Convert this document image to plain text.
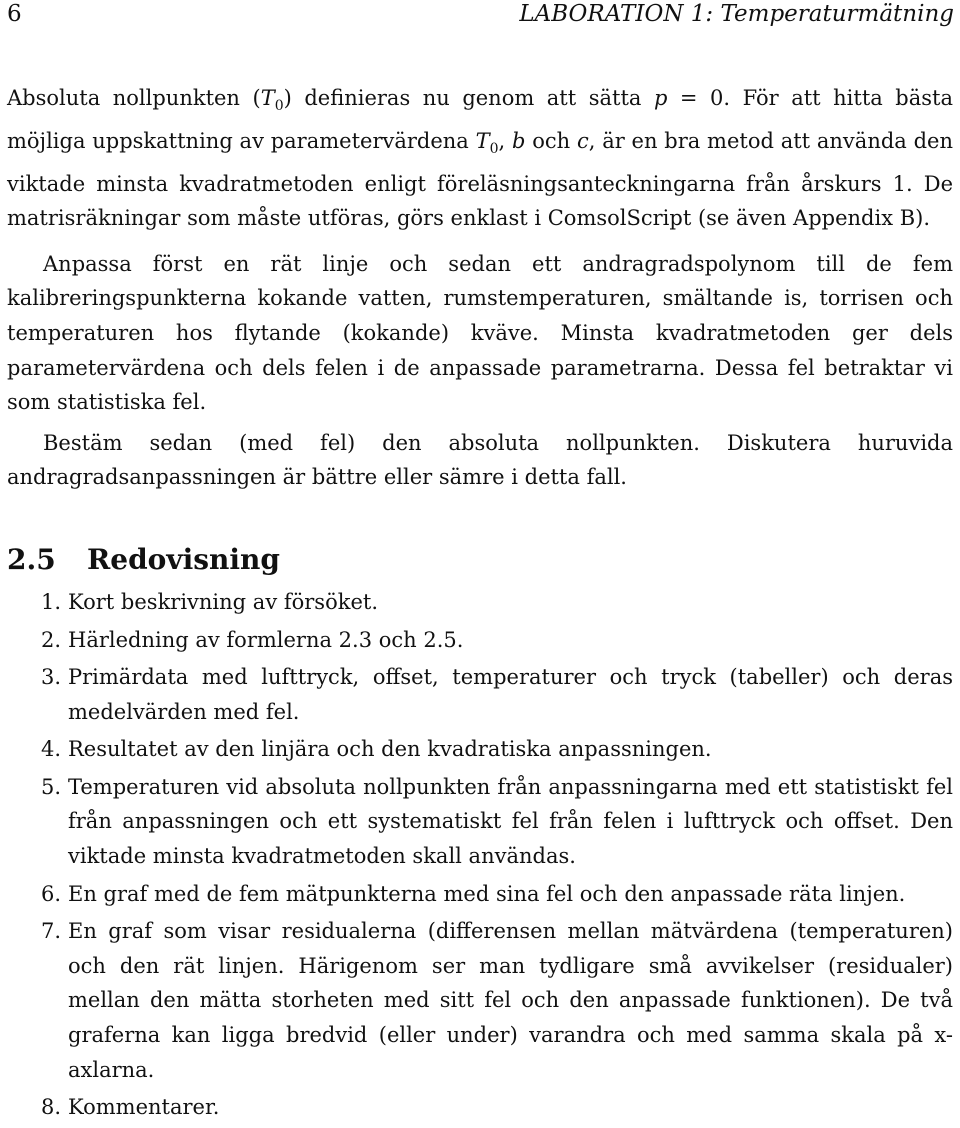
6	LABORATION 1: Temperaturmätning

Absoluta nollpunkten $(T_0)$ definieras nu genom att sätta p = 0. För att hitta bästa möjliga uppskattning av parametervärdena $T_0$, b och c, är en bra metod att använda den viktade minsta kvadratmetoden enligt föreläsningsanteckningarna från årskurs 1. De matrisräkningar som måste utföras, görs enklast i ComsolScript (se även Appendix B).

Anpassa först en rät linje och sedan ett andragradspolynom till de fem kalibreringspunkterna kokande vatten, rumstemperaturen, smältande is, torrisen och temperaturen hos flytande (kokande) kväve. Minsta kvadratmetoden ger dels parametervärdena och dels felen i de anpassade parametrarna. Dessa fel betraktar vi som statistiska fel.

Bestäm sedan (med fel) den absoluta nollpunkten. Diskutera huruvida andragradsanpassningen är bättre eller sämre i detta fall.

2.5 Redovisning
1. Kort beskrivning av försöket.
2. Härledning av formlerna 2.3 och 2.5.
3. Primärdata med lufttryck, offset, temperaturer och tryck (tabeller) och deras medelvärden med fel.
4. Resultatet av den linjära och den kvadratiska anpassningen.
5. Temperaturen vid absoluta nollpunkten från anpassningarna med ett statistiskt fel från anpassningen och ett systematiskt fel från felen i lufttryck och offset. Den viktade minsta kvadratmetoden skall användas.
6. En graf med de fem mätpunkterna med sina fel och den anpassade räta linjen.
7. En graf som visar residualerna (differensen mellan mätvärdena (temperaturen) och den rät linjen. Härigenom ser man tydligare små avvikelser (residualer) mellan den mätta storheten med sitt fel och den anpassade funktionen). De två graferna kan ligga bredvid (eller under) varandra och med samma skala på x-axlarna.
8. Kommentarer.
